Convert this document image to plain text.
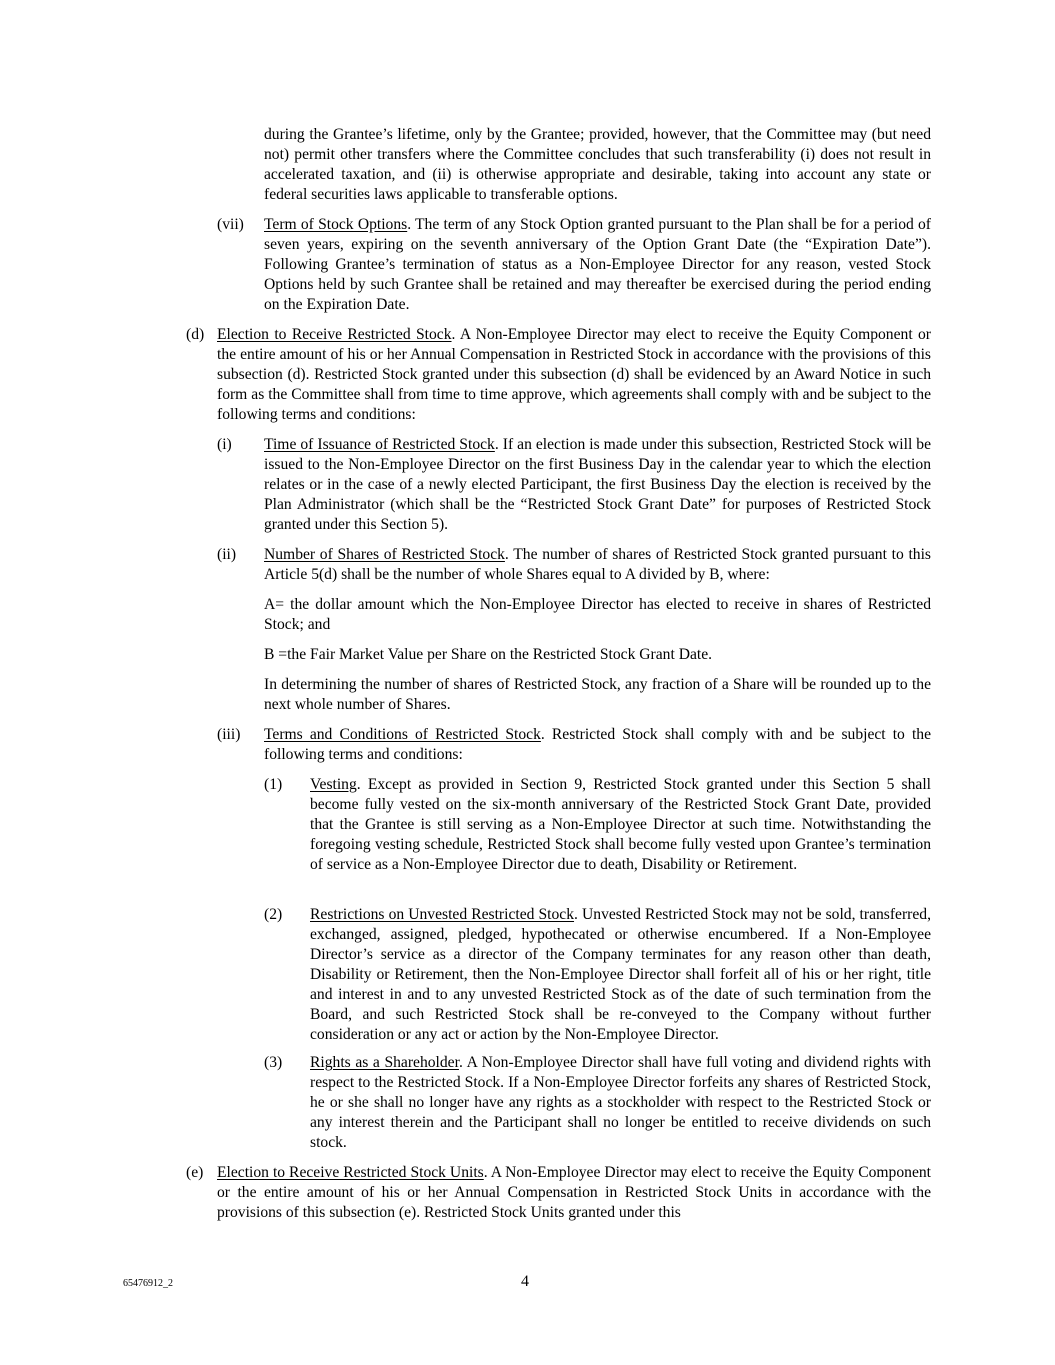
during the Grantee’s lifetime, only by the Grantee; provided, however, that the Committee may (but need not) permit other transfers where the Committee concludes that such transferability (i) does not result in accelerated taxation, and (ii) is otherwise appropriate and desirable, taking into account any state or federal securities laws applicable to transferable options.

(vii) Term of Stock Options. The term of any Stock Option granted pursuant to the Plan shall be for a period of seven years, expiring on the seventh anniversary of the Option Grant Date (the “Expiration Date”). Following Grantee’s termination of status as a Non-Employee Director for any reason, vested Stock Options held by such Grantee shall be retained and may thereafter be exercised during the period ending on the Expiration Date.

(d) Election to Receive Restricted Stock. A Non-Employee Director may elect to receive the Equity Component or the entire amount of his or her Annual Compensation in Restricted Stock in accordance with the provisions of this subsection (d). Restricted Stock granted under this subsection (d) shall be evidenced by an Award Notice in such form as the Committee shall from time to time approve, which agreements shall comply with and be subject to the following terms and conditions:

(i) Time of Issuance of Restricted Stock. If an election is made under this subsection, Restricted Stock will be issued to the Non-Employee Director on the first Business Day in the calendar year to which the election relates or in the case of a newly elected Participant, the first Business Day the election is received by the Plan Administrator (which shall be the “Restricted Stock Grant Date” for purposes of Restricted Stock granted under this Section 5).

(ii) Number of Shares of Restricted Stock. The number of shares of Restricted Stock granted pursuant to this Article 5(d) shall be the number of whole Shares equal to A divided by B, where:

A= the dollar amount which the Non-Employee Director has elected to receive in shares of Restricted Stock; and

B =the Fair Market Value per Share on the Restricted Stock Grant Date.

In determining the number of shares of Restricted Stock, any fraction of a Share will be rounded up to the next whole number of Shares.

(iii) Terms and Conditions of Restricted Stock. Restricted Stock shall comply with and be subject to the following terms and conditions:

(1) Vesting. Except as provided in Section 9, Restricted Stock granted under this Section 5 shall become fully vested on the six-month anniversary of the Restricted Stock Grant Date, provided that the Grantee is still serving as a Non-Employee Director at such time. Notwithstanding the foregoing vesting schedule, Restricted Stock shall become fully vested upon Grantee’s termination of service as a Non-Employee Director due to death, Disability or Retirement.

(2) Restrictions on Unvested Restricted Stock. Unvested Restricted Stock may not be sold, transferred, exchanged, assigned, pledged, hypothecated or otherwise encumbered. If a Non-Employee Director’s service as a director of the Company terminates for any reason other than death, Disability or Retirement, then the Non-Employee Director shall forfeit all of his or her right, title and interest in and to any unvested Restricted Stock as of the date of such termination from the Board, and such Restricted Stock shall be re-conveyed to the Company without further consideration or any act or action by the Non-Employee Director.

(3) Rights as a Shareholder. A Non-Employee Director shall have full voting and dividend rights with respect to the Restricted Stock. If a Non-Employee Director forfeits any shares of Restricted Stock, he or she shall no longer have any rights as a stockholder with respect to the Restricted Stock or any interest therein and the Participant shall no longer be entitled to receive dividends on such stock.

(e) Election to Receive Restricted Stock Units. A Non-Employee Director may elect to receive the Equity Component or the entire amount of his or her Annual Compensation in Restricted Stock Units in accordance with the provisions of this subsection (e). Restricted Stock Units granted under this

65476912_2	4
